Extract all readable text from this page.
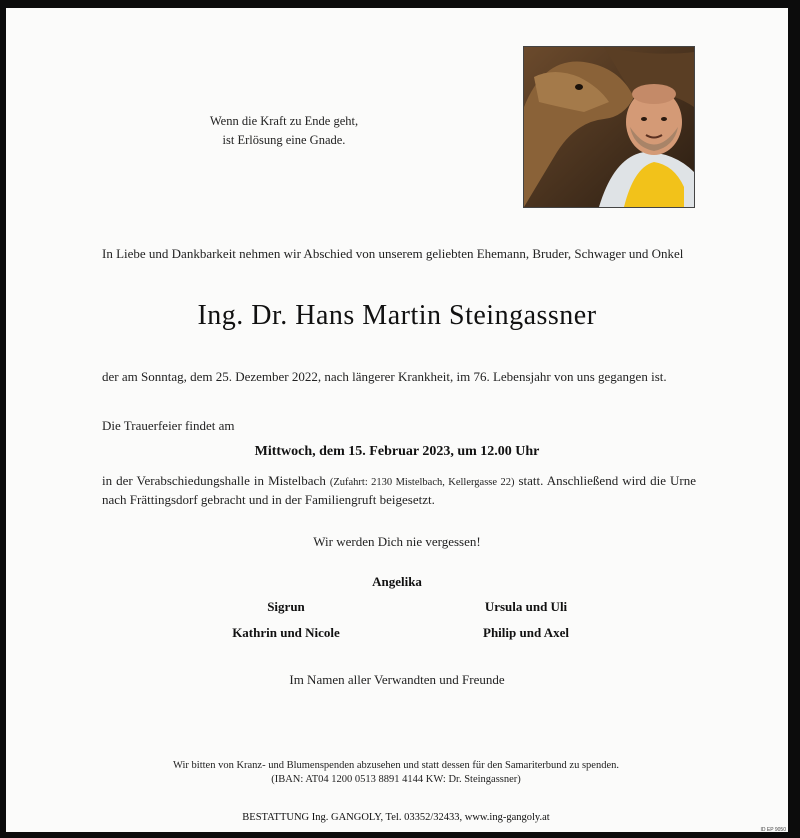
Wenn die Kraft zu Ende geht,
ist Erlösung eine Gnade.
In Liebe und Dankbarkeit nehmen wir Abschied von unserem geliebten Ehemann, Bruder, Schwager und Onkel
Ing. Dr. Hans Martin Steingassner
der am Sonntag, dem 25. Dezember 2022, nach längerer Krankheit, im 76. Lebensjahr von uns gegangen ist.
Die Trauerfeier findet am
Mittwoch, dem 15. Februar 2023, um 12.00 Uhr
in der Verabschiedungshalle in Mistelbach (Zufahrt: 2130 Mistelbach, Kellergasse 22) statt. Anschließend wird die Urne nach Frättingsdorf gebracht und in der Familiengruft beigesetzt.
Wir werden Dich nie vergessen!
Angelika
Sigrun	Ursula und Uli
Kathrin und Nicole	Philip und Axel
Im Namen aller Verwandten und Freunde
Wir bitten von Kranz- und Blumenspenden abzusehen und statt dessen für den Samariterbund zu spenden.
(IBAN: AT04 1200 0513 8891 4144 KW: Dr. Steingassner)
BESTATTUNG Ing. GANGOLY, Tel. 03352/32433, www.ing-gangoly.at
ID EP 9050
